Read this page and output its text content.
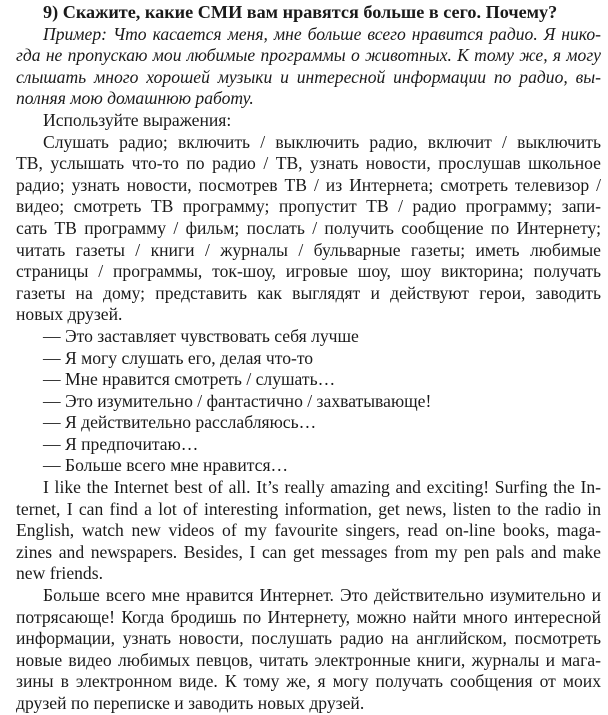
9) Скажите, какие СМИ вам нравятся больше в сего. Почему?
Пример: Что касается меня, мне больше всего нравится радио. Я нико-
гда не пропускаю мои любимые программы о животных. К тому же, я могу
слышать много хорошей музыки и интересной информации по радио, вы-
полняя мою домашнюю работу.
Используйте выражения:
Слушать радио; включить / выключить радио, включит / выключить
ТВ, услышать что-то по радио / ТВ, узнать новости, прослушав школьное
радио; узнать новости, посмотрев ТВ / из Интернета; смотреть телевизор /
видео; смотреть ТВ программу; пропустит ТВ / радио программу; запи-
сать ТВ программу / фильм; послать / получить сообщение по Интернету;
читать газеты / книги / журналы / бульварные газеты; иметь любимые
страницы / программы, ток-шоу, игровые шоу, шоу викторина; получать
газеты на дому; представить как выглядят и действуют герои, заводить
новых друзей.
— Это заставляет чувствовать себя лучше
— Я могу слушать его, делая что-то
— Мне нравится смотреть / слушать…
— Это изумительно / фантастично / захватывающе!
— Я действительно расслабляюсь…
— Я предпочитаю…
— Больше всего мне нравится…
I like the Internet best of all. It’s really amazing and exciting! Surfing the In-
ternet, I can find a lot of interesting information, get news, listen to the radio in
English, watch new videos of my favourite singers, read on-line books, maga-
zines and newspapers. Besides, I can get messages from my pen pals and make
new friends.
Больше всего мне нравится Интернет. Это действительно изумительно и
потрясающе! Когда бродишь по Интернету, можно найти много интересной
информации, узнать новости, послушать радио на английском, посмотреть
новые видео любимых певцов, читать электронные книги, журналы и мага-
зины в электронном виде. К тому же, я могу получать сообщения от моих
друзей по переписке и заводить новых друзей.
